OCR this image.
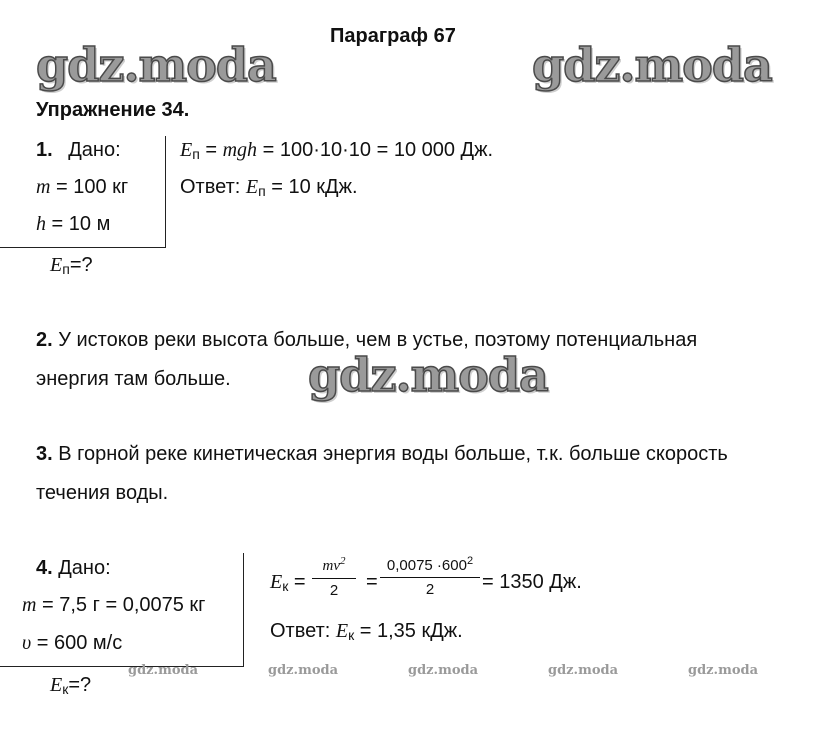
Параграф 67
gdz.moda	gdz.moda
gdz.moda
Упражнение 34.
1. Дано:
m = 100 кг
h = 10 м
Eп=?
Eп = mgh = 100·10·10 = 10 000 Дж.
Ответ: Eп = 10 кДж.
2. У истоков реки высота больше, чем в устье, поэтому потенциальная
энергия там больше.
3. В горной реке кинетическая энергия воды больше, т.к. больше скорость
течения воды.
4. Дано:
m = 7,5 г = 0,0075 кг
υ = 600 м/с
Eк=?
Eк =
$mv^2$
2	=
$0,0075 \cdot 600^2$
2	= 1350 Дж.
Ответ: Eк = 1,35 кДж.
gdz.moda	gdz.moda	gdz.moda	gdz.moda	gdz.moda
